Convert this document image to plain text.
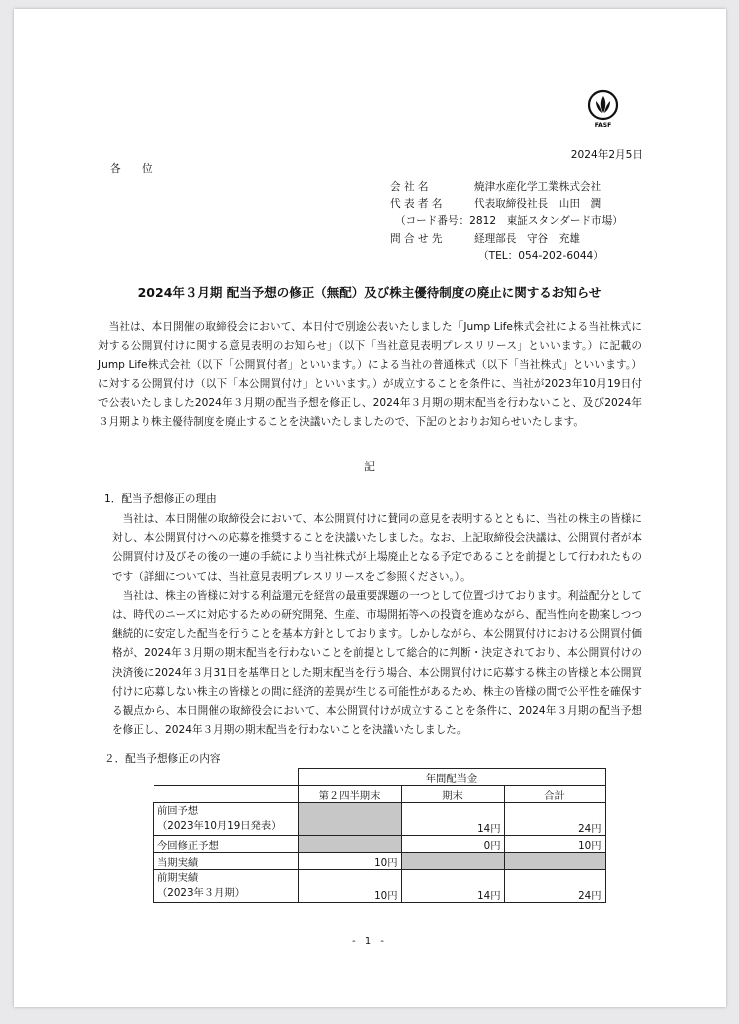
FASF
2024年2月5日
各 位
会 社 名	焼津水産化学工業株式会社
代 表 者 名	代表取締役社長　山田　潤
（コード番号：2812　東証スタンダード市場）
問 合 せ 先	経理部長　守谷　充雄
（TEL：054-202-6044）
2024年３月期 配当予想の修正（無配）及び株主優待制度の廃止に関するお知らせ

当社は、本日開催の取締役会において、本日付で別途公表いたしました「Jump Life株式会社による当社株式に対する公開買付けに関する意見表明のお知らせ」（以下「当社意見表明プレスリリース」といいます。）に記載のJump Life株式会社（以下「公開買付者」といいます。）による当社の普通株式（以下「当社株式」といいます。）に対する公開買付け（以下「本公開買付け」といいます。）が成立することを条件に、当社が2023年10月19日付で公表いたしました2024年３月期の配当予想を修正し、2024年３月期の期末配当を行わないこと、及び2024年３月期より株主優待制度を廃止することを決議いたしましたので、下記のとおりお知らせいたします。

記
1．配当予想修正の理由

当社は、本日開催の取締役会において、本公開買付けに賛同の意見を表明するとともに、当社の株主の皆様に対し、本公開買付けへの応募を推奨することを決議いたしました。なお、上記取締役会決議は、公開買付者が本公開買付け及びその後の一連の手続により当社株式が上場廃止となる予定であることを前提として行われたものです（詳細については、当社意見表明プレスリリースをご参照ください。）。

当社は、株主の皆様に対する利益還元を経営の最重要課題の一つとして位置づけております。利益配分としては、時代のニーズに対応するための研究開発、生産、市場開拓等への投資を進めながら、配当性向を勘案しつつ継続的に安定した配当を行うことを基本方針としております。しかしながら、本公開買付けにおける公開買付価格が、2024年３月期の期末配当を行わないことを前提として総合的に判断・決定されており、本公開買付けの決済後に2024年３月31日を基準日とした期末配当を行う場合、本公開買付けに応募する株主の皆様と本公開買付けに応募しない株主の皆様との間に経済的差異が生じる可能性があるため、株主の皆様の間で公平性を確保する観点から、本日開催の取締役会において、本公開買付けが成立することを条件に、2024年３月期の配当予想を修正し、2024年３月期の期末配当を行わないことを決議いたしました。

２．配当予想修正の内容
	年間配当金		
	第２四半期末	期末	合計
前回予想
（2023年10月19日発表）		14円	24円
今回修正予想		0円	10円
当期実績	10円		
前期実績
（2023年３月期）	10円	14円	24円
- 1 -
